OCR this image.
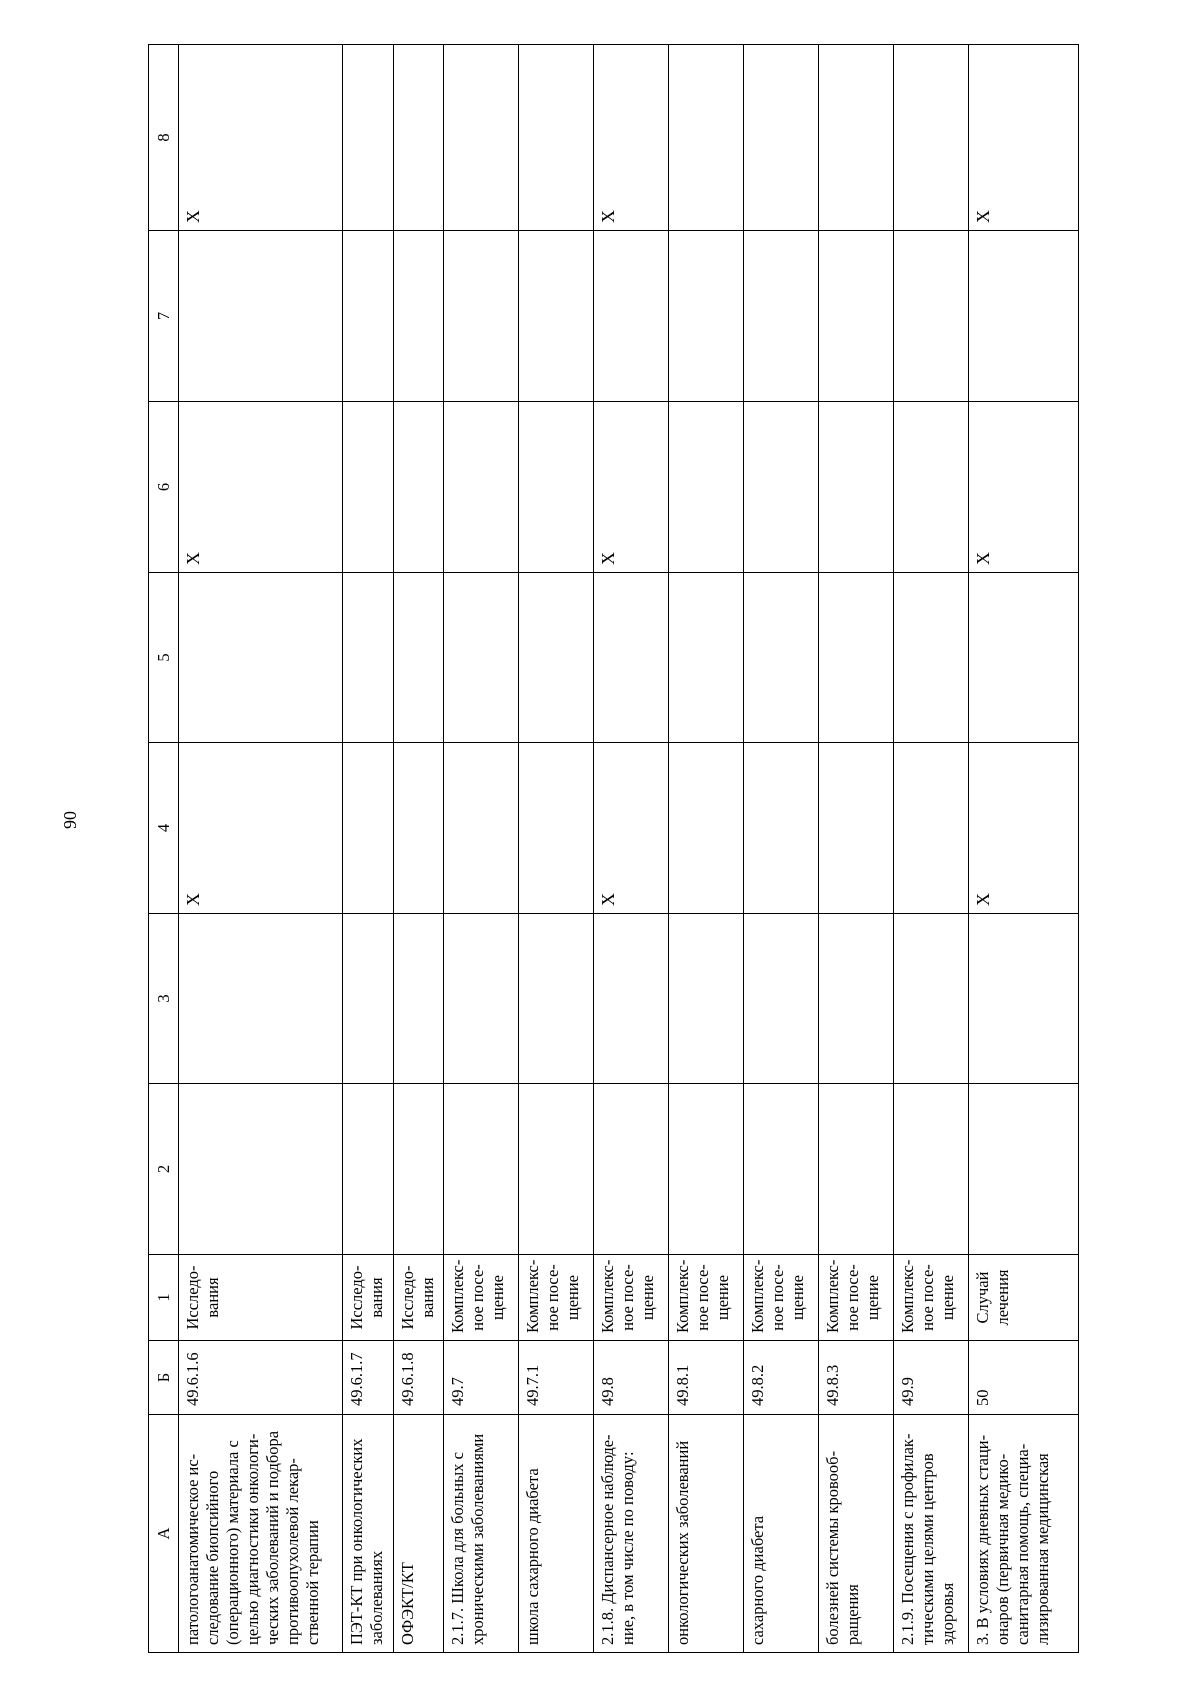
90
А	Б	1	2	3	4	5	6	7	8
патологоанатомическое ис-следование биопсийного (операционного) материала с целью диагностики онкологи-ческих заболеваний и подбора противоопухолевой лекар-ственной терапии	49.6.1.6	Исследо-вания			Х		Х		Х
ПЭТ-КТ при онкологических заболеваниях	49.6.1.7	Исследо-вания							
ОФЭКТ/КТ	49.6.1.8	Исследо-вания							
2.1.7. Школа для больных с хроническими заболеваниями	49.7	Комплекс-ное посе-щение							
школа сахарного диабета	49.7.1	Комплекс-ное посе-щение							
2.1.8. Диспансерное наблюде-ние, в том числе по поводу:	49.8	Комплекс-ное посе-щение			Х		Х		Х
онкологических заболеваний	49.8.1	Комплекс-ное посе-щение							
сахарного диабета	49.8.2	Комплекс-ное посе-щение							
болезней системы кровооб-ращения	49.8.3	Комплекс-ное посе-щение							
2.1.9. Посещения с профилак-тическими целями центров здоровья	49.9	Комплекс-ное посе-щение							
3. В условиях дневных стаци-онаров (первичная медико-санитарная помощь, специа-лизированная медицинская	50	Случай лечения			Х		Х		Х
